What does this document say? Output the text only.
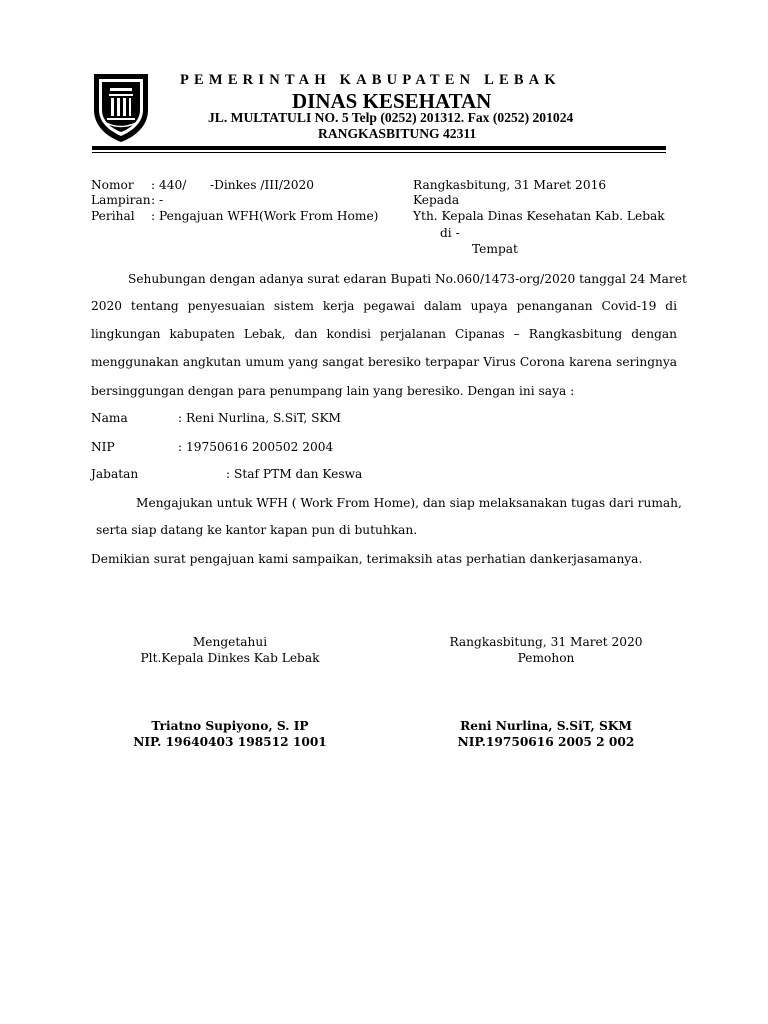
PEMERINTAH KABUPATEN LEBAK
DINAS KESEHATAN
JL. MULTATULI NO. 5 Telp (0252) 201312. Fax (0252) 201024
RANGKASBITUNG 42311
Nomor : 440/ -Dinkes /III/2020
Lampiran : -
Perihal : Pengajuan WFH(Work From Home)
Rangkasbitung, 31 Maret 2016
Kepada
Yth. Kepala Dinas Kesehatan Kab. Lebak
di -
Tempat
Sehubungan dengan adanya surat edaran Bupati No.060/1473-org/2020 tanggal 24 Maret
2020 tentang penyesuaian sistem kerja pegawai dalam upaya penanganan Covid-19 di
lingkungan kabupaten Lebak, dan kondisi perjalanan Cipanas – Rangkasbitung dengan
menggunakan angkutan umum yang sangat beresiko terpapar Virus Corona karena seringnya
bersinggungan dengan para penumpang lain yang beresiko. Dengan ini saya :
Nama	: Reni Nurlina, S.SiT, SKM
NIP	: 19750616 200502 2004
Jabatan	: Staf PTM dan Keswa
Mengajukan untuk WFH ( Work From Home), dan siap melaksanakan tugas dari rumah,
serta siap datang ke kantor kapan pun di butuhkan.
Demikian surat pengajuan kami sampaikan, terimaksih atas perhatian dankerjasamanya.
Mengetahui
Plt.Kepala Dinkes Kab Lebak
Triatno Supiyono, S. IP
NIP. 19640403 198512 1001
Rangkasbitung, 31 Maret 2020
Pemohon
Reni Nurlina, S.SiT, SKM
NIP.19750616 2005 2 002
